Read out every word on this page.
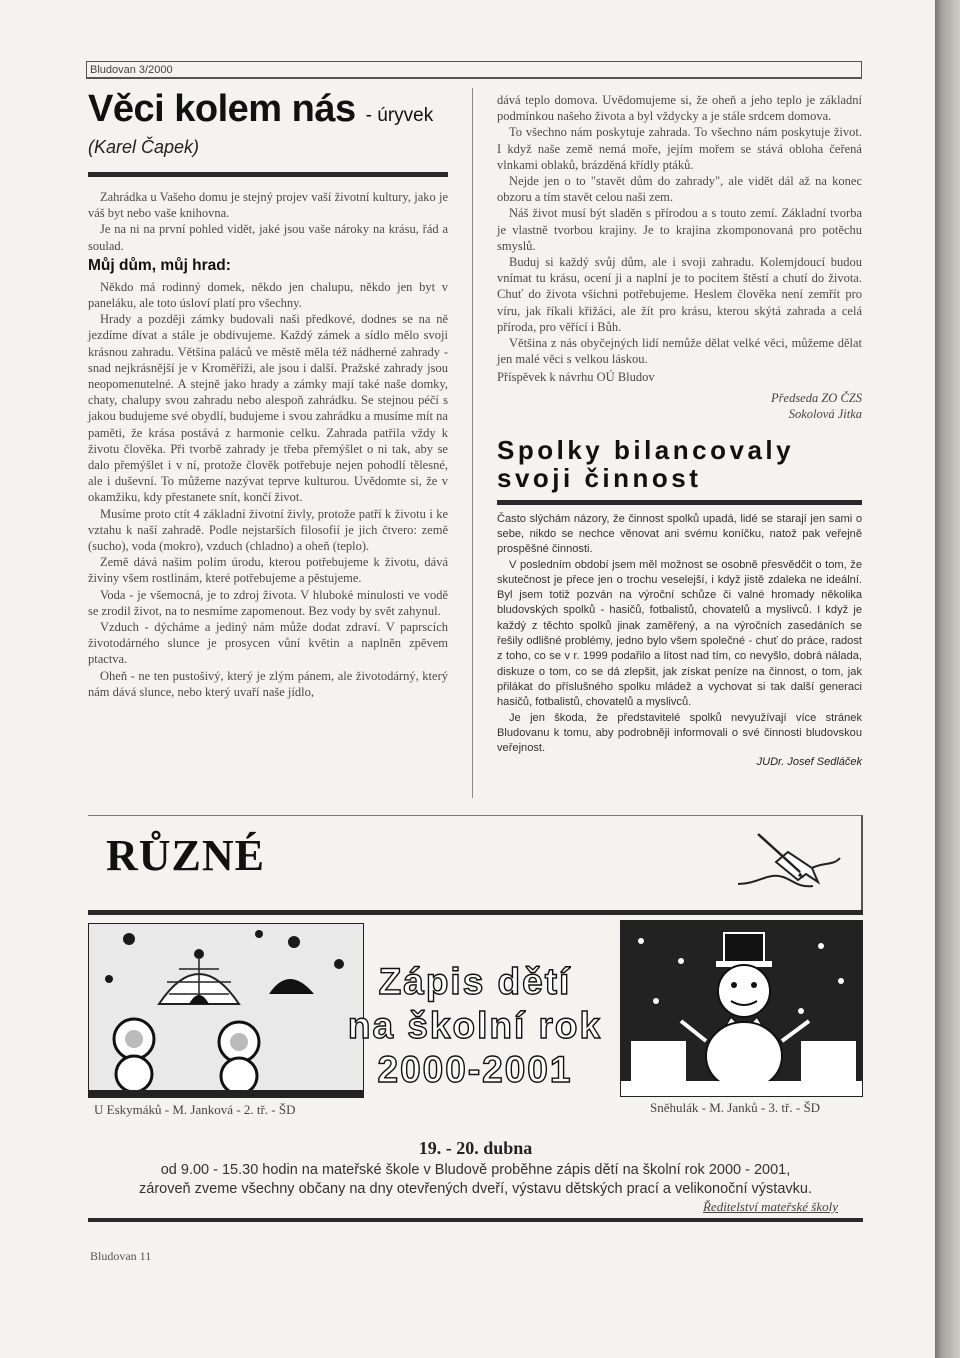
Bludovan 3/2000
Věci kolem nás - úryvek
(Karel Čapek)

Zahrádka u Vašeho domu je stejný projev vaší životní kultury, jako je váš byt nebo vaše knihovna.

Je na ni na první pohled vidět, jaké jsou vaše nároky na krásu, řád a soulad.

Můj dům, můj hrad:

Někdo má rodinný domek, někdo jen chalupu, někdo jen byt v paneláku, ale toto úsloví platí pro všechny.

Hrady a později zámky budovali naši předkové, dodnes se na ně jezdíme dívat a stále je obdivujeme. Každý zámek a sídlo mělo svoji krásnou zahradu. Většina paláců ve městě měla též nádherné zahrady - snad nejkrásnější je v Kroměříži, ale jsou i další. Pražské zahrady jsou neopomenutelné. A stejně jako hrady a zámky mají také naše domky, chaty, chalupy svou zahradu nebo alespoň zahrádku. Se stejnou péčí s jakou budujeme své obydlí, budujeme i svou zahrádku a musíme mít na paměti, že krása postává z harmonie celku. Zahrada patřila vždy k životu člověka. Při tvorbě zahrady je třeba přemýšlet o ni tak, aby se dalo přemýšlet i v ní, protože člověk potřebuje nejen pohodlí tělesné, ale i duševní. To můžeme nazývat teprve kulturou. Uvědomte si, že v okamžiku, kdy přestanete snít, končí život.

Musíme proto ctít 4 základní životní živly, protože patří k životu i ke vztahu k naší zahradě. Podle nejstarších filosofií je jich čtvero: země (sucho), voda (mokro), vzduch (chladno) a oheň (teplo).

Země dává našim polím úrodu, kterou potřebujeme k životu, dává živiny všem rostlinám, které potřebujeme a pěstujeme.

Voda - je všemocná, je to zdroj života. V hluboké minulosti ve vodě se zrodil život, na to nesmíme zapomenout. Bez vody by svět zahynul.

Vzduch - dýcháme a jediný nám může dodat zdraví. V paprscích životodárného slunce je prosycen vůní květin a naplněn zpěvem ptactva.

Oheň - ne ten pustošivý, který je zlým pánem, ale životodárný, který nám dává slunce, nebo který uvaří naše jídlo,

dává teplo domova. Uvědomujeme si, že oheň a jeho teplo je základní podmínkou našeho života a byl vždycky a je stále srdcem domova.

To všechno nám poskytuje zahrada. To všechno nám poskytuje život. I když naše země nemá moře, jejím mořem se stává obloha čeřená vlnkami oblaků, brázděná křídly ptáků.

Nejde jen o to "stavět dům do zahrady", ale vidět dál až na konec obzoru a tím stavět celou naši zem.

Náš život musí být sladěn s přírodou a s touto zemí. Základní tvorba je vlastně tvorbou krajiny. Je to krajina zkomponovaná pro potěchu smyslů.

Buduj si každý svůj dům, ale i svoji zahradu. Kolemjdoucí budou vnímat tu krásu, ocení ji a naplní je to pocitem štěstí a chutí do života. Chuť do života všichni potřebujeme. Heslem člověka není zemřít pro víru, jak říkali křižáci, ale žít pro krásu, kterou skýtá zahrada a celá příroda, pro věřící i Bůh.

Většina z nás obyčejných lidí nemůže dělat velké věci, můžeme dělat jen malé věci s velkou láskou.

Příspěvek k návrhu OÚ Bludov
Předseda ZO ČZS
Sokolová Jitka
Spolky bilancovaly
svoji činnost

Často slýchám názory, že činnost spolků upadá, lidé se starají jen sami o sebe, nikdo se nechce věnovat ani svému koníčku, natož pak veřejně prospěšné činnosti.

V posledním období jsem měl možnost se osobně přesvědčit o tom, že skutečnost je přece jen o trochu veselejší, i když jistě zdaleka ne ideální. Byl jsem totiž pozván na výroční schůze či valné hromady několika bludovských spolků - hasičů, fotbalistů, chovatelů a myslivců. I když je každý z těchto spolků jinak zaměřený, a na výročních zasedáních se řešily odlišné problémy, jedno bylo všem společné - chuť do práce, radost z toho, co se v r. 1999 podařilo a lítost nad tím, co nevyšlo, dobrá nálada, diskuze o tom, co se dá zlepšit, jak získat peníze na činnost, o tom, jak přilákat do příslušného spolku mládež a vychovat si tak další generaci hasičů, fotbalistů, chovatelů a myslivců.

Je jen škoda, že představitelé spolků nevyužívají více stránek Bludovanu k tomu, aby podrobněji informovali o své činnosti bludovskou veřejnost.

JUDr. Josef Sedláček
RŮZNÉ
Zápis dětí
na školní rok
2000-2001
U Eskymáků - M. Janková - 2. tř. - ŠD	Sněhulák - M. Janků - 3. tř. - ŠD
19. - 20. dubna
od 9.00 - 15.30 hodin na mateřské škole v Bludově proběhne zápis dětí na školní rok 2000 - 2001,
zároveň zveme všechny občany na dny otevřených dveří, výstavu dětských prací a velikonoční výstavku.
Ředitelství mateřské školy
Bludovan 11
